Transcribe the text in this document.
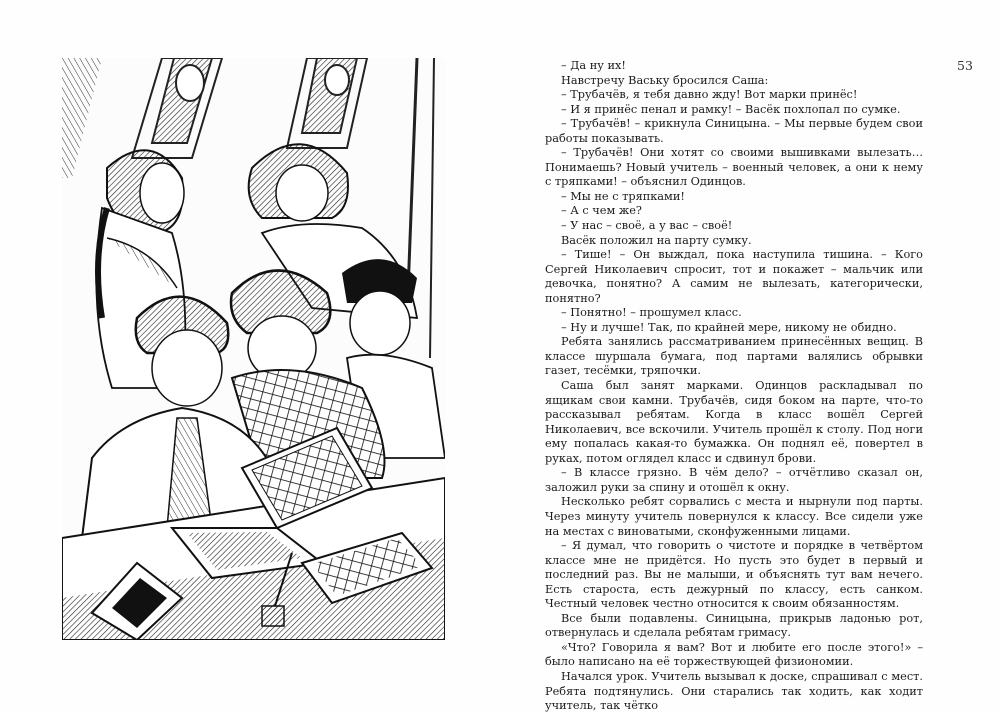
53

– Да ну их!

Навстречу Ваську бросился Саша:

– Трубачёв, я тебя давно жду! Вот марки принёс!

– И я принёс пенал и рамку! – Васёк похлопал по сумке.

– Трубачёв! – крикнула Синицына. – Мы первые будем свои работы показывать.

– Трубачёв! Они хотят со своими вышивками вылезать… Понимаешь? Новый учитель – военный человек, а они к нему с тряпками! – объяснил Одинцов.

– Мы не с тряпками!

– А с чем же?

– У нас – своё, а у вас – своё!

Васёк положил на парту сумку.

– Тише! – Он выждал, пока наступила тишина. – Кого Сергей Николаевич спросит, тот и покажет – мальчик или девочка, понятно? А самим не вылезать, категорически, понятно?

– Понятно! – прошумел класс.

– Ну и лучше! Так, по крайней мере, никому не обидно.

Ребята занялись рассматриванием принесённых вещиц. В классе шуршала бумага, под партами валялись обрывки газет, тесёмки, тряпочки.

Саша был занят марками. Одинцов раскладывал по ящикам свои камни. Трубачёв, сидя боком на парте, что-то рассказывал ребятам. Когда в класс вошёл Сергей Николаевич, все вскочили. Учитель прошёл к столу. Под ноги ему попалась какая-то бумажка. Он поднял её, повертел в руках, потом оглядел класс и сдвинул брови.

– В классе грязно. В чём дело? – отчётливо сказал он, заложил руки за спину и отошёл к окну.

Несколько ребят сорвались с места и нырнули под парты. Через минуту учитель повернулся к классу. Все сидели уже на местах с виноватыми, сконфуженными лицами.

– Я думал, что говорить о чистоте и порядке в четвёртом классе мне не придётся. Но пусть это будет в первый и последний раз. Вы не малыши, и объяснять тут вам нечего. Есть староста, есть дежурный по классу, есть санком. Честный человек честно относится к своим обязанностям.

Все были подавлены. Синицына, прикрыв ладонью рот, отвернулась и сделала ребятам гримасу.

«Что? Говорила я вам? Вот и любите его после этого!» – было написано на её торжествующей физиономии.

Начался урок. Учитель вызывал к доске, спрашивал с мест. Ребята подтянулись. Они старались так ходить, как ходит учитель, так чётко
